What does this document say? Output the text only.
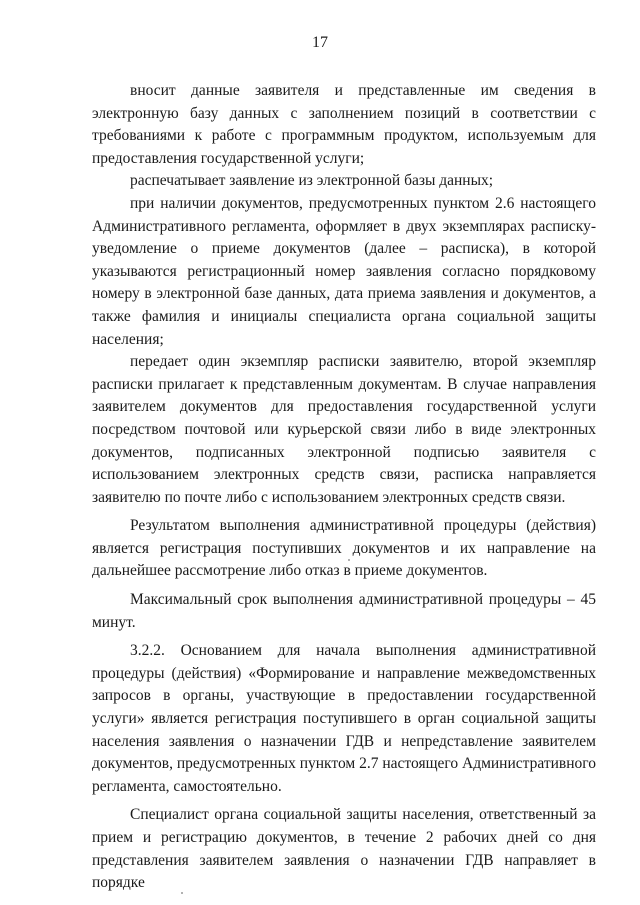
17

вносит данные заявителя и представленные им сведения в электронную базу данных с заполнением позиций в соответствии с требованиями к работе с программным продуктом, используемым для предоставления государственной услуги;

распечатывает заявление из электронной базы данных;

при наличии документов, предусмотренных пунктом 2.6 настоящего Административного регламента, оформляет в двух экземплярах расписку-уведомление о приеме документов (далее – расписка), в которой указываются регистрационный номер заявления согласно порядковому номеру в электронной базе данных, дата приема заявления и документов, а также фамилия и инициалы специалиста органа социальной защиты населения;

передает один экземпляр расписки заявителю, второй экземпляр расписки прилагает к представленным документам. В случае направления заявителем документов для предоставления государственной услуги посредством почтовой или курьерской связи либо в виде электронных документов, подписанных электронной подписью заявителя с использованием электронных средств связи, расписка направляется заявителю по почте либо с использованием электронных средств связи.

Результатом выполнения административной процедуры (действия) является регистрация поступивших документов и их направление на дальнейшее рассмотрение либо отказ в приеме документов.

Максимальный срок выполнения административной процедуры – 45 минут.

3.2.2. Основанием для начала выполнения административной процедуры (действия) «Формирование и направление межведомственных запросов в органы, участвующие в предоставлении государственной услуги» является регистрация поступившего в орган социальной защиты населения заявления о назначении ГДВ и непредставление заявителем документов, предусмотренных пунктом 2.7 настоящего Административного регламента, самостоятельно.

Специалист органа социальной защиты населения, ответственный за прием и регистрацию документов, в течение 2 рабочих дней со дня представления заявителем заявления о назначении ГДВ направляет в порядке
